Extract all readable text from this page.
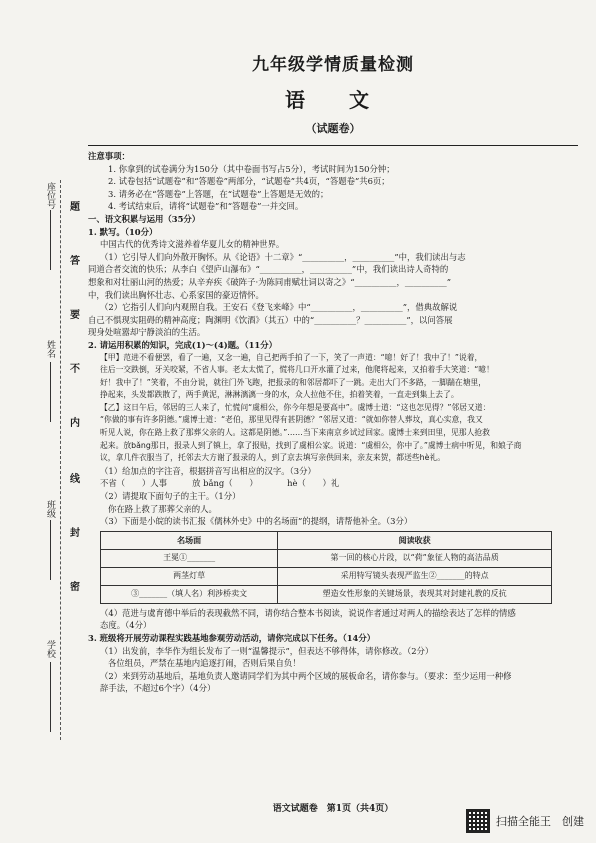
座位号
姓名
班级
学校
题
答
要
不
内
线
封
密
九年级学情质量检测
语　文
（试题卷）

注意事项：

1. 你拿到的试卷满分为150分（其中卷面书写占5分），考试时间为150分钟；

2. 试卷包括“试题卷”和“答题卷”两部分，“试题卷”共4页，“答题卷”共6页；

3. 请务必在“答题卷”上答题，在“试题卷”上答题是无效的；

4. 考试结束后，请将“试题卷”和“答题卷”一并交回。

一、语文积累与运用（35分）

1. 默写。（10分）

中国古代的优秀诗文滋养着华夏儿女的精神世界。

（1）它引导人们向外散开胸怀。从《论语》十二章》“__________，__________”中，我们读出与志

同道合者交流的快乐；从李白《望庐山瀑布》“__________，__________”中，我们读出诗人奇特的

想象和对壮丽山河的热爱；从辛弃疾《破阵子·为陈同甫赋壮词以寄之》“__________，__________”

中，我们读出胸怀壮志、心系家国的豪迈情怀。

（2）它指引人们向内观照自我。王安石《登飞来峰》中“__________，__________”，借典故解说

自己不惧现实阻碍的精神高度；陶渊明《饮酒》（其五）中的“__________？__________”，以问答展

现身处喧嚣却宁静淡泊的生活。

2. 请运用积累的知识，完成(1)～(4)题。（11分）

【甲】范进不看便罢，看了一遍，又念一遍，自己把两手拍了一下，笑了一声道：“噫！好了！我中了！”说着，

往后一交跌倒，牙关咬紧，不省人事。老太太慌了，慌将几口开水灌了过来，他爬将起来，又拍着手大笑道：“噫！

好！我中了！”笑着，不由分说，就往门外飞跑，把报录的和邻居都吓了一跳。走出大门不多路，一脚踹在塘里，

挣起来，头发都跌散了，两手黄泥，淋淋漓漓一身的水，众人拉他不住，拍着笑着，一直走到集上去了。

【乙】这日午后，邻居的三人来了，忙慌问“虞相公，你今年想是要高中”。虞博士道：“这也怎见得？”邻居又道：

“你做的事有许多阴德。”虞博士道：“老伯，那里见得有甚阴德？”邻居又道：“就如你替人葬坟，真心实意，我又

听见人说，你在路上救了那葬父亲的人。这都是阴德。”……当下来南京乡试过回家。虞博士来到田里，见那人抢救

起来。放bǎng那日，报录人到了镇上，拿了报贴，找到了虞相公家。说道：“虞相公，你中了。”虞博士病中听见，和娘子商

议，拿几件衣服当了，托邻去大方谢了报录的人，到了京去填写亲供回来，亲友来贺，都送些hè礼。

（1）给加点的字注音，根据拼音写出相应的汉字。（3分）

不省（　　）人事　　　放 bǎng（　　）　　　　hè（　　）礼

（2）请提取下面句子的主干。（1分）

你在路上救了那葬父亲的人。

（3）下面是小皖的读书汇报《儒林外史》中的名场面”的提纲，请帮他补全。（3分）

名场面	阅读收获
王冕①_______	第一回的核心片段，以“荷”象征人物的高洁品质
两茎灯草	采用特写镜头表现严监生②_______的特点
③_______（填人名）利涉桥卖文	塑造女性形象的关键场景，表现其对封建礼教的反抗

（4）范进与虞育德中举后的表现截然不同，请你结合整本书阅读，说说作者通过对两人的描绘表达了怎样的情感

态度。（4分）

3. 班级将开展劳动课程实践基地参观劳动活动，请你完成以下任务。（14分）

（1）出发前，李华作为组长发布了一则“温馨提示”，但表达不够得体，请你修改。（2分）

各位组员，严禁在基地内追逐打闹，否则后果自负！

（2）来到劳动基地后，基地负责人邀请同学们为其中两个区域的展板命名，请你参与。（要求：至少运用一种修

辞手法，不超过6个字）（4分）

语文试题卷　第1页（共4页）
扫描全能王　创建
